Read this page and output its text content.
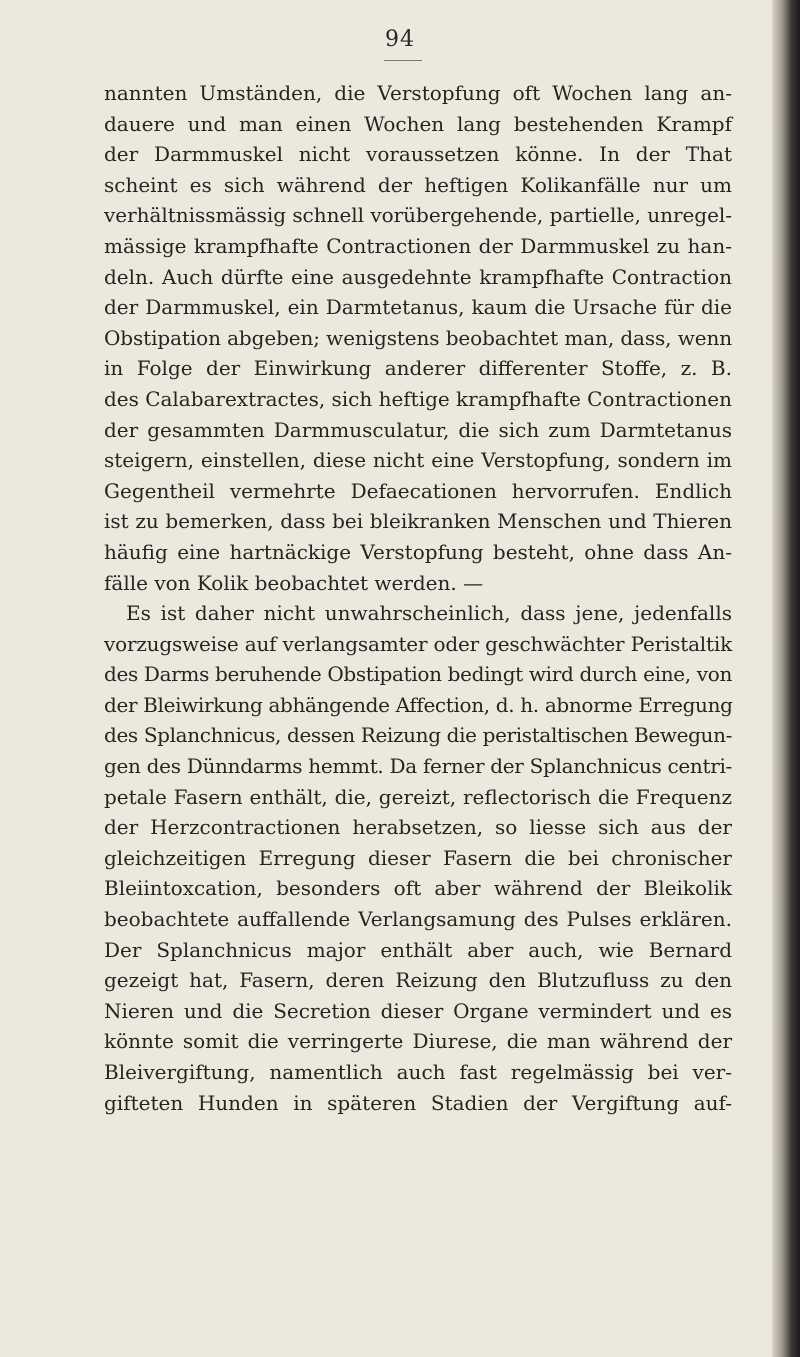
94
nannten Umständen, die Verstopfung oft Wochen lang an-
dauere und man einen Wochen lang bestehenden Krampf
der Darmmuskel nicht voraussetzen könne. In der That
scheint es sich während der heftigen Kolikanfälle nur um
verhältnissmässig schnell vorübergehende, partielle, unregel-
mässige krampfhafte Contractionen der Darmmuskel zu han-
deln. Auch dürfte eine ausgedehnte krampfhafte Contraction
der Darmmuskel, ein Darmtetanus, kaum die Ursache für die
Obstipation abgeben; wenigstens beobachtet man, dass, wenn
in Folge der Einwirkung anderer differenter Stoffe, z. B.
des Calabarextractes, sich heftige krampfhafte Contractionen
der gesammten Darmmusculatur, die sich zum Darmtetanus
steigern, einstellen, diese nicht eine Verstopfung, sondern im
Gegentheil vermehrte Defaecationen hervorrufen. Endlich
ist zu bemerken, dass bei bleikranken Menschen und Thieren
häufig eine hartnäckige Verstopfung besteht, ohne dass An-
fälle von Kolik beobachtet werden. —
Es ist daher nicht unwahrscheinlich, dass jene, jedenfalls
vorzugsweise auf verlangsamter oder geschwächter Peristaltik
des Darms beruhende Obstipation bedingt wird durch eine, von
der Bleiwirkung abhängende Affection, d. h. abnorme Erregung
des Splanchnicus, dessen Reizung die peristaltischen Bewegun-
gen des Dünndarms hemmt. Da ferner der Splanchnicus centri-
petale Fasern enthält, die, gereizt, reflectorisch die Frequenz
der Herzcontractionen herabsetzen, so liesse sich aus der
gleichzeitigen Erregung dieser Fasern die bei chronischer
Bleiintoxcation, besonders oft aber während der Bleikolik
beobachtete auffallende Verlangsamung des Pulses erklären.
Der Splanchnicus major enthält aber auch, wie Bernard
gezeigt hat, Fasern, deren Reizung den Blutzufluss zu den
Nieren und die Secretion dieser Organe vermindert und es
könnte somit die verringerte Diurese, die man während der
Bleivergiftung, namentlich auch fast regelmässig bei ver-
gifteten Hunden in späteren Stadien der Vergiftung auf-
